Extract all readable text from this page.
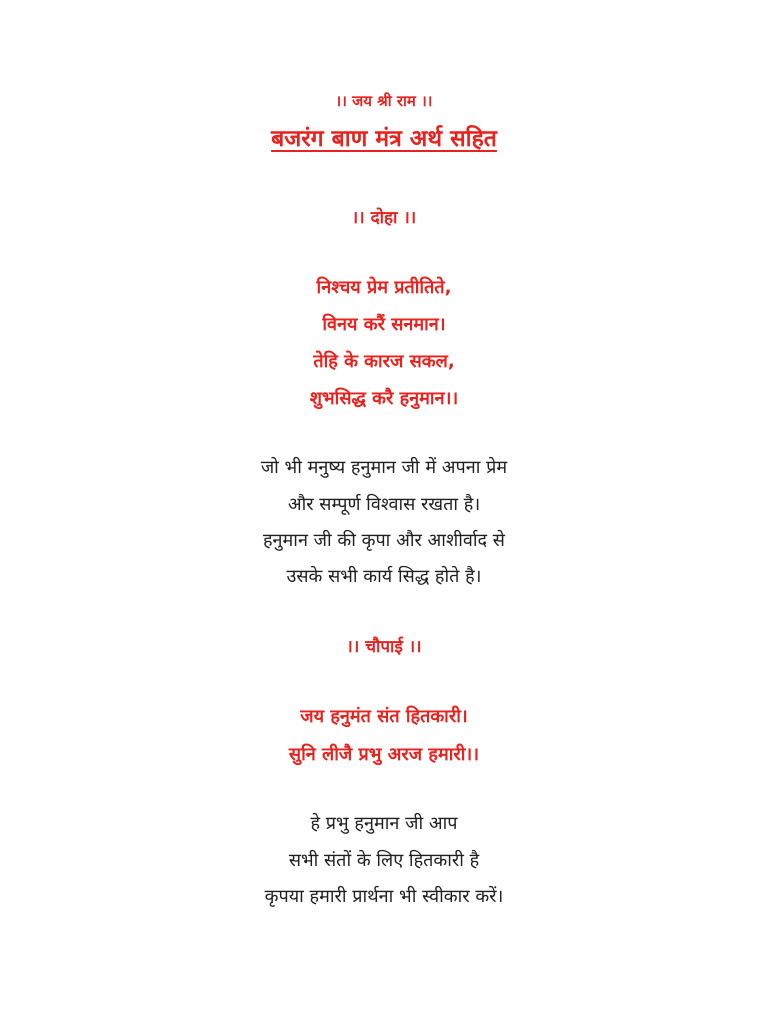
।। जय श्री राम ।।
बजरंग बाण मंत्र अर्थ सहित
।। दोहा ।।
निश्चय प्रेम प्रतीतिते,
विनय करैं सनमान।
तेहि के कारज सकल,
शुभसिद्ध करै हनुमान।।
जो भी मनुष्य हनुमान जी में अपना प्रेम
और सम्पूर्ण विश्वास रखता है।
हनुमान जी की कृपा और आशीर्वाद से
उसके सभी कार्य सिद्ध होते है।
।। चौपाई ।।
जय हनुमंत संत हितकारी।
सुनि लीजै प्रभु अरज हमारी।।
हे प्रभु हनुमान जी आप
सभी संतों के लिए हितकारी है
कृपया हमारी प्रार्थना भी स्वीकार करें।
